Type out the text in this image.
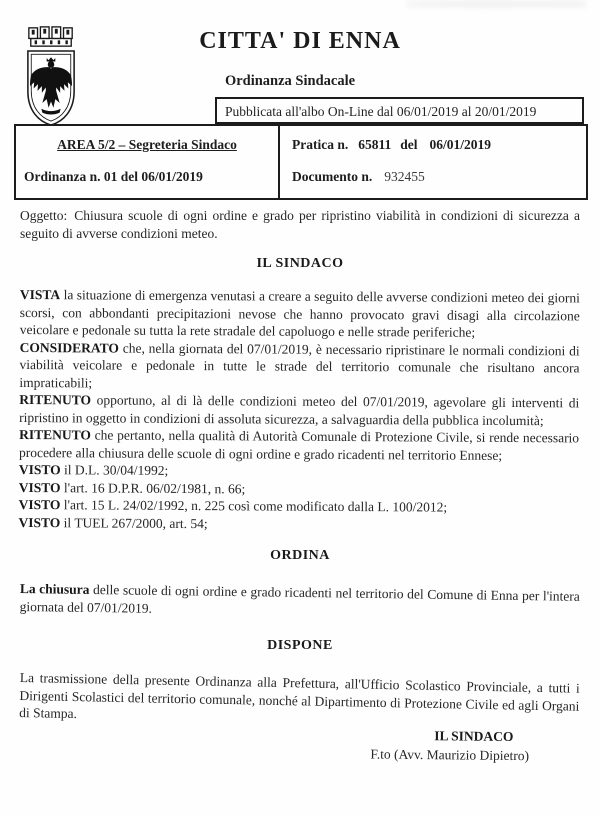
CITTA' DI ENNA
Ordinanza Sindacale
Pubblicata all'albo On-Line dal 06/01/2019 al 20/01/2019
AREA 5/2 – Segreteria Sindaco
Ordinanza n. 01 del 06/01/2019
Pratica n. 65811 del 06/01/2019
Documento n. 932455

Oggetto: Chiusura scuole di ogni ordine e grado per ripristino viabilità in condizioni di sicurezza a seguito di avverse condizioni meteo.

IL SINDACO

VISTA la situazione di emergenza venutasi a creare a seguito delle avverse condizioni meteo dei giorni scorsi, con abbondanti precipitazioni nevose che hanno provocato gravi disagi alla circolazione veicolare e pedonale su tutta la rete stradale del capoluogo e nelle strade periferiche;

CONSIDERATO che, nella giornata del 07/01/2019, è necessario ripristinare le normali condizioni di viabilità veicolare e pedonale in tutte le strade del territorio comunale che risultano ancora impraticabili;

RITENUTO opportuno, al di là delle condizioni meteo del 07/01/2019, agevolare gli interventi di ripristino in oggetto in condizioni di assoluta sicurezza, a salvaguardia della pubblica incolumità;

RITENUTO che pertanto, nella qualità di Autorità Comunale di Protezione Civile, si rende necessario procedere alla chiusura delle scuole di ogni ordine e grado ricadenti nel territorio Ennese;

VISTO il D.L. 30/04/1992;

VISTO l'art. 16 D.P.R. 06/02/1981, n. 66;

VISTO l'art. 15 L. 24/02/1992, n. 225 così come modificato dalla L. 100/2012;

VISTO il TUEL 267/2000, art. 54;

ORDINA

La chiusura delle scuole di ogni ordine e grado ricadenti nel territorio del Comune di Enna per l'intera giornata del 07/01/2019.

DISPONE

La trasmissione della presente Ordinanza alla Prefettura, all'Ufficio Scolastico Provinciale, a tutti i Dirigenti Scolastici del territorio comunale, nonché al Dipartimento di Protezione Civile ed agli Organi di Stampa.

IL SINDACO
F.to (Avv. Maurizio Dipietro)
